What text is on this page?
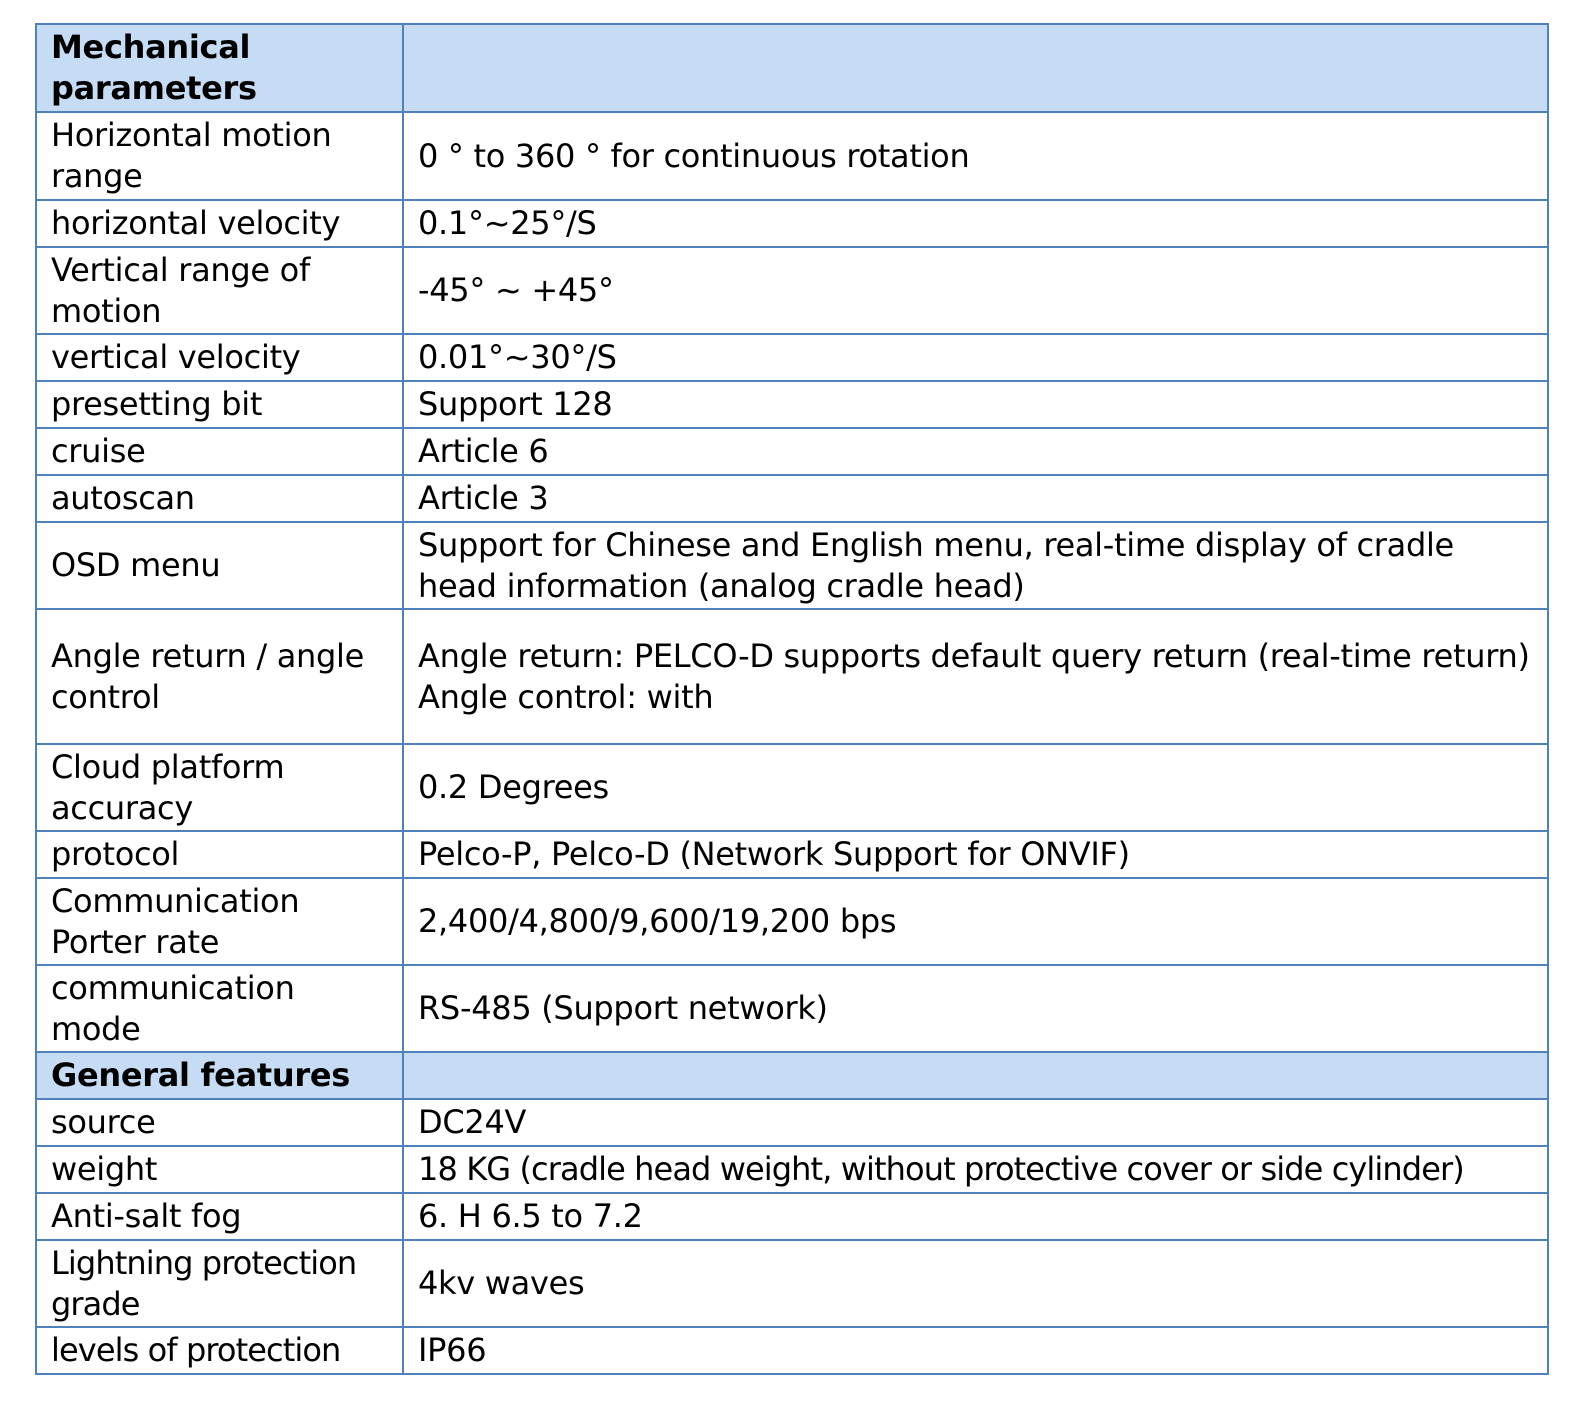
Mechanical parameters	
Horizontal motion range	0 ° to 360 ° for continuous rotation
horizontal velocity	0.1°~25°/S
Vertical range of motion	-45° ~ +45°
vertical velocity	0.01°~30°/S
presetting bit	Support 128
cruise	Article 6
autoscan	Article 3
OSD menu	Support for Chinese and English menu, real-time display of cradle head information (analog cradle head)
Angle return / angle control	Angle return: PELCO-D supports default query return (real-time return)
Angle control: with

Cloud platform accuracy	0.2 Degrees
protocol	Pelco-P, Pelco-D (Network Support for ONVIF)
Communication Porter rate	2,400/4,800/9,600/19,200 bps
communication mode	RS-485 (Support network)
General features	
source	DC24V
weight	18 KG (cradle head weight, without protective cover or side cylinder)
Anti-salt fog	6. H 6.5 to 7.2
Lightning protection grade	4kv waves
levels of protection	IP66
